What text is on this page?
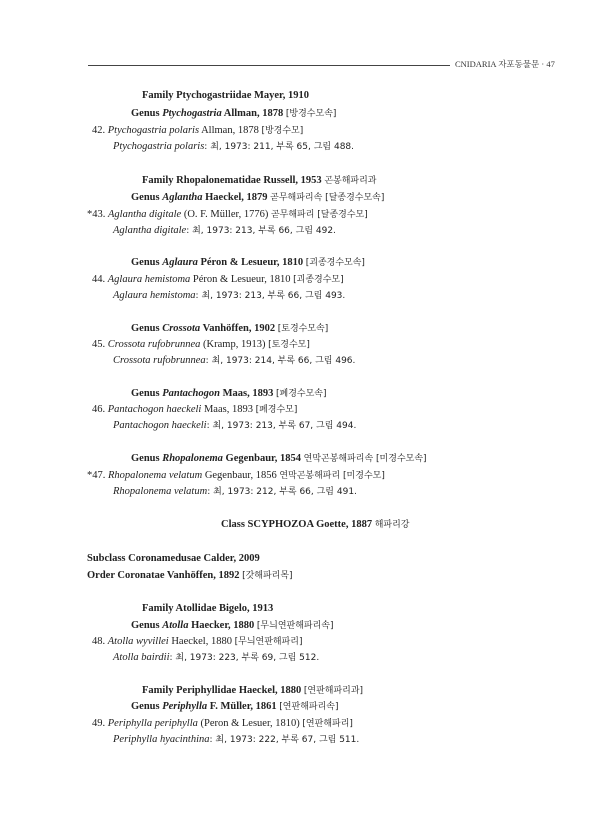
CNIDARIA 자포동물문 · 47
Family Ptychogastriidae Mayer, 1910
Genus Ptychogastria Allman, 1878 [방경수모속]
42. Ptychogastria polaris Allman, 1878 [방경수모]
Ptychogastria polaris: 최, 1973: 211, 부록 65, 그림 488.
Family Rhopalonematidae Russell, 1953 곤봉해파리과
Genus Aglantha Haeckel, 1879 곧무해파리속 [달종경수모속]
*43. Aglantha digitale (O. F. Müller, 1776) 곧무해파리 [달종경수모]
Aglantha digitale: 최, 1973: 213, 부록 66, 그림 492.
Genus Aglaura Péron & Lesueur, 1810 [괴종경수모속]
44. Aglaura hemistoma Péron & Lesueur, 1810 [괴종경수모]
Aglaura hemistoma: 최, 1973: 213, 부록 66, 그림 493.
Genus Crossota Vanhöffen, 1902 [토경수모속]
45. Crossota rufobrunnea (Kramp, 1913) [토경수모]
Crossota rufobrunnea: 최, 1973: 214, 부록 66, 그림 496.
Genus Pantachogon Maas, 1893 [폐경수모속]
46. Pantachogon haeckeli Maas, 1893 [폐경수모]
Pantachogon haeckeli: 최, 1973: 213, 부록 67, 그림 494.
Genus Rhopalonema Gegenbaur, 1854 연막곤봉해파리속 [미경수모속]
*47. Rhopalonema velatum Gegenbaur, 1856 연막곤봉해파리 [미경수모]
Rhopalonema velatum: 최, 1973: 212, 부록 66, 그림 491.
Class SCYPHOZOA Goette, 1887 해파리강
Subclass Coronamedusae Calder, 2009
Order Coronatae Vanhöffen, 1892 [갓해파리목]
Family Atollidae Bigelo, 1913
Genus Atolla Haecker, 1880 [무늬연판해파리속]
48. Atolla wyvillei Haeckel, 1880 [무늬연판해파리]
Atolla bairdii: 최, 1973: 223, 부록 69, 그림 512.
Family Periphyllidae Haeckel, 1880 [연판해파리과]
Genus Periphylla F. Müller, 1861 [연판해파리속]
49. Periphylla periphylla (Peron & Lesuer, 1810) [연판해파리]
Periphylla hyacinthina: 최, 1973: 222, 부록 67, 그림 511.
